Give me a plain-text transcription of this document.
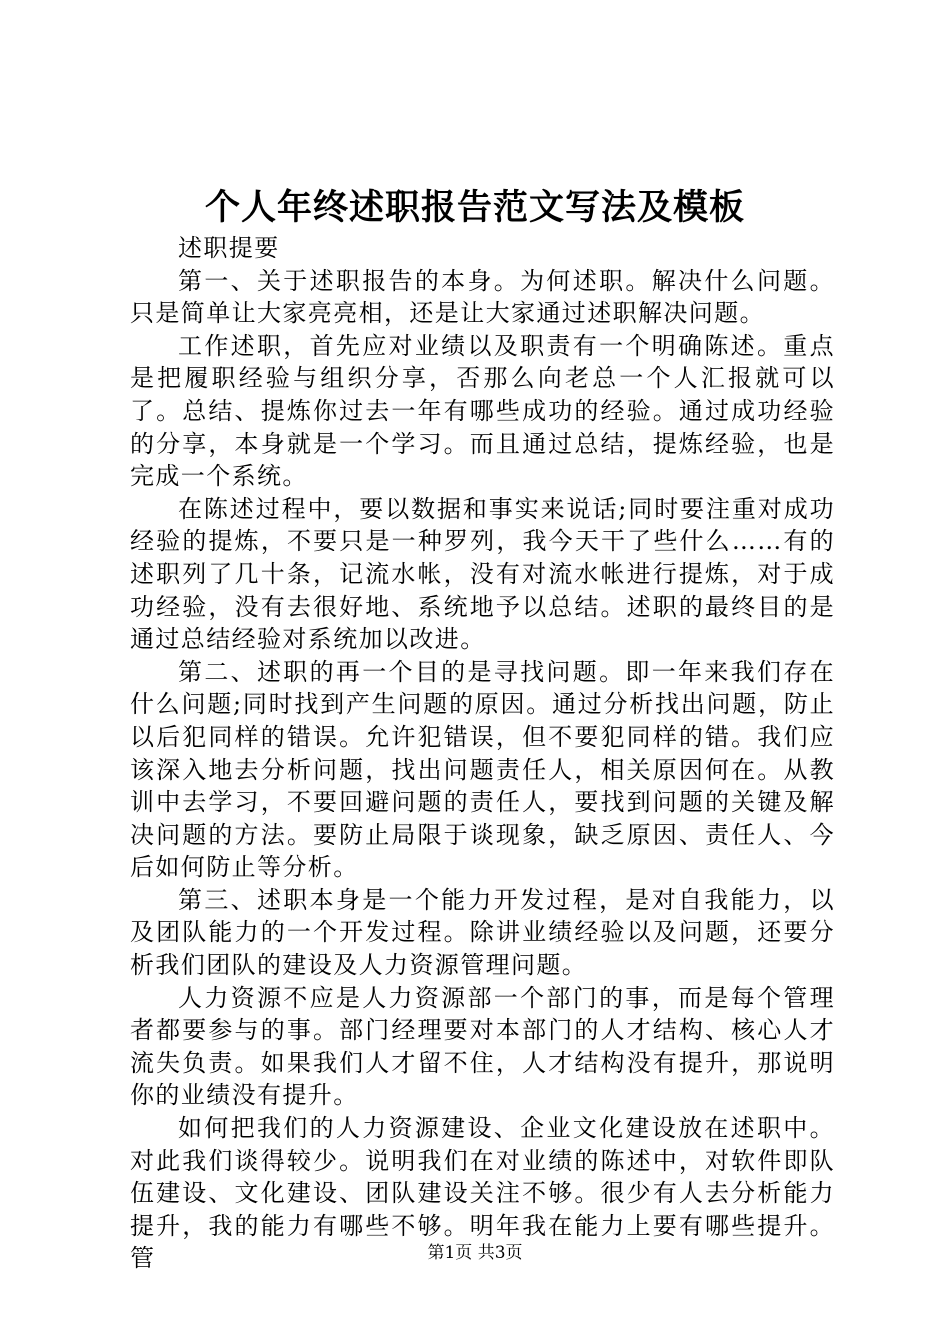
个人年终述职报告范文写法及模板

述职提要

第一、关于述职报告的本身。为何述职。解决什么问题。只是简单让大家亮亮相，还是让大家通过述职解决问题。

工作述职，首先应对业绩以及职责有一个明确陈述。重点是把履职经验与组织分享，否那么向老总一个人汇报就可以了。总结、提炼你过去一年有哪些成功的经验。通过成功经验的分享，本身就是一个学习。而且通过总结，提炼经验，也是完成一个系统。

在陈述过程中，要以数据和事实来说话;同时要注重对成功经验的提炼，不要只是一种罗列，我今天干了些什么……有的述职列了几十条，记流水帐，没有对流水帐进行提炼，对于成功经验，没有去很好地、系统地予以总结。述职的最终目的是通过总结经验对系统加以改进。

第二、述职的再一个目的是寻找问题。即一年来我们存在什么问题;同时找到产生问题的原因。通过分析找出问题，防止以后犯同样的错误。允许犯错误，但不要犯同样的错。我们应该深入地去分析问题，找出问题责任人，相关原因何在。从教训中去学习，不要回避问题的责任人，要找到问题的关键及解决问题的方法。要防止局限于谈现象，缺乏原因、责任人、今后如何防止等分析。

第三、述职本身是一个能力开发过程，是对自我能力，以及团队能力的一个开发过程。除讲业绩经验以及问题，还要分析我们团队的建设及人力资源管理问题。

人力资源不应是人力资源部一个部门的事，而是每个管理者都要参与的事。部门经理要对本部门的人才结构、核心人才流失负责。如果我们人才留不住，人才结构没有提升，那说明你的业绩没有提升。

如何把我们的人力资源建设、企业文化建设放在述职中。对此我们谈得较少。说明我们在对业绩的陈述中，对软件即队伍建设、文化建设、团队建设关注不够。很少有人去分析能力提升，我的能力有哪些不够。明年我在能力上要有哪些提升。管	第1页 共3页
